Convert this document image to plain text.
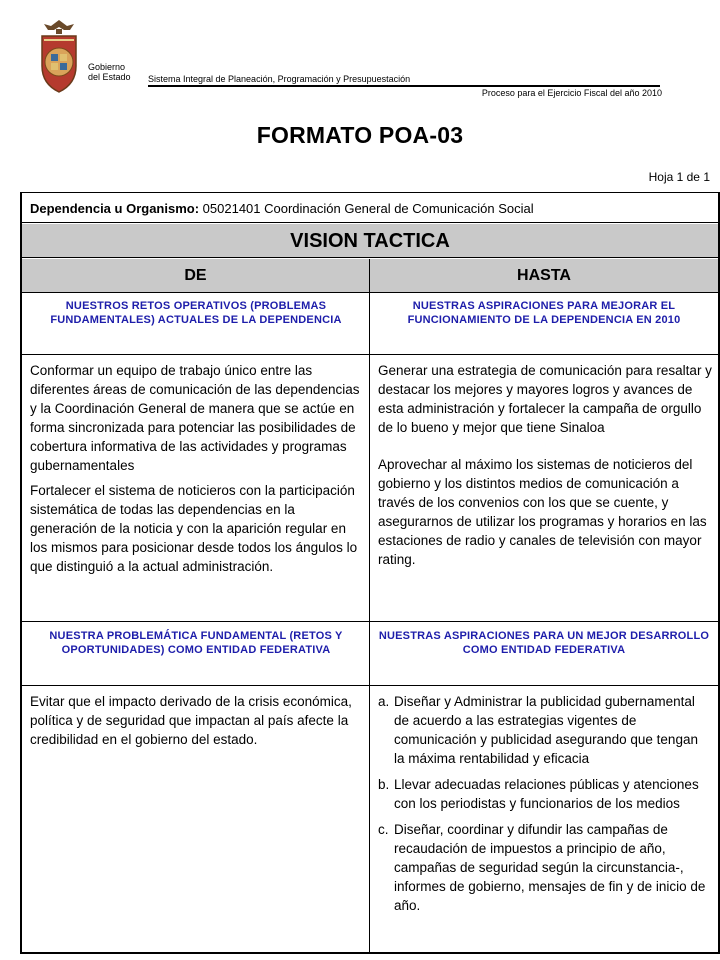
Gobierno
del Estado Sistema Integral de Planeación, Programación y Presupuestación
Proceso para el Ejercicio Fiscal del año 2010
FORMATO POA-03
Hoja 1 de 1
Dependencia u Organismo: 05021401 Coordinación General de Comunicación Social
VISION TACTICA
DE	HASTA
NUESTROS RETOS OPERATIVOS (PROBLEMAS FUNDAMENTALES) ACTUALES DE LA DEPENDENCIA
NUESTRAS ASPIRACIONES PARA MEJORAR EL FUNCIONAMIENTO DE LA DEPENDENCIA EN 2010

Conformar un equipo de trabajo único entre las diferentes áreas de comunicación de las dependencias y la Coordinación General de manera que se actúe en forma sincronizada para potenciar las posibilidades de cobertura informativa de las actividades y programas gubernamentales

Fortalecer el sistema de noticieros con la participación sistemática de todas las dependencias en la generación de la noticia y con la aparición regular en los mismos para posicionar desde todos los ángulos lo que distinguió a la actual administración.

Generar una estrategia de comunicación para resaltar y destacar los mejores y mayores logros y avances de esta administración y fortalecer la campaña de orgullo de lo bueno y mejor que tiene Sinaloa

Aprovechar al máximo los sistemas de noticieros del gobierno y los distintos medios de comunicación a través de los convenios con los que se cuente, y asegurarnos de utilizar los programas y horarios en las estaciones de radio y canales de televisión con mayor rating.

NUESTRA PROBLEMÁTICA FUNDAMENTAL (RETOS Y OPORTUNIDADES) COMO ENTIDAD FEDERATIVA
NUESTRAS ASPIRACIONES PARA UN MEJOR DESARROLLO COMO ENTIDAD FEDERATIVA
Evitar que el impacto derivado de la crisis económica, política y de seguridad que impactan al país afecte la credibilidad en el gobierno del estado.
a. Diseñar y Administrar la publicidad gubernamental de acuerdo a las estrategias vigentes de comunicación y publicidad asegurando que tengan la máxima rentabilidad y eficacia
b. Llevar adecuadas relaciones públicas y atenciones con los periodistas y funcionarios de los medios
c. Diseñar, coordinar y difundir las campañas de recaudación de impuestos a principio de año, campañas de seguridad según la circunstancia-, informes de gobierno, mensajes de fin y de inicio de año.
